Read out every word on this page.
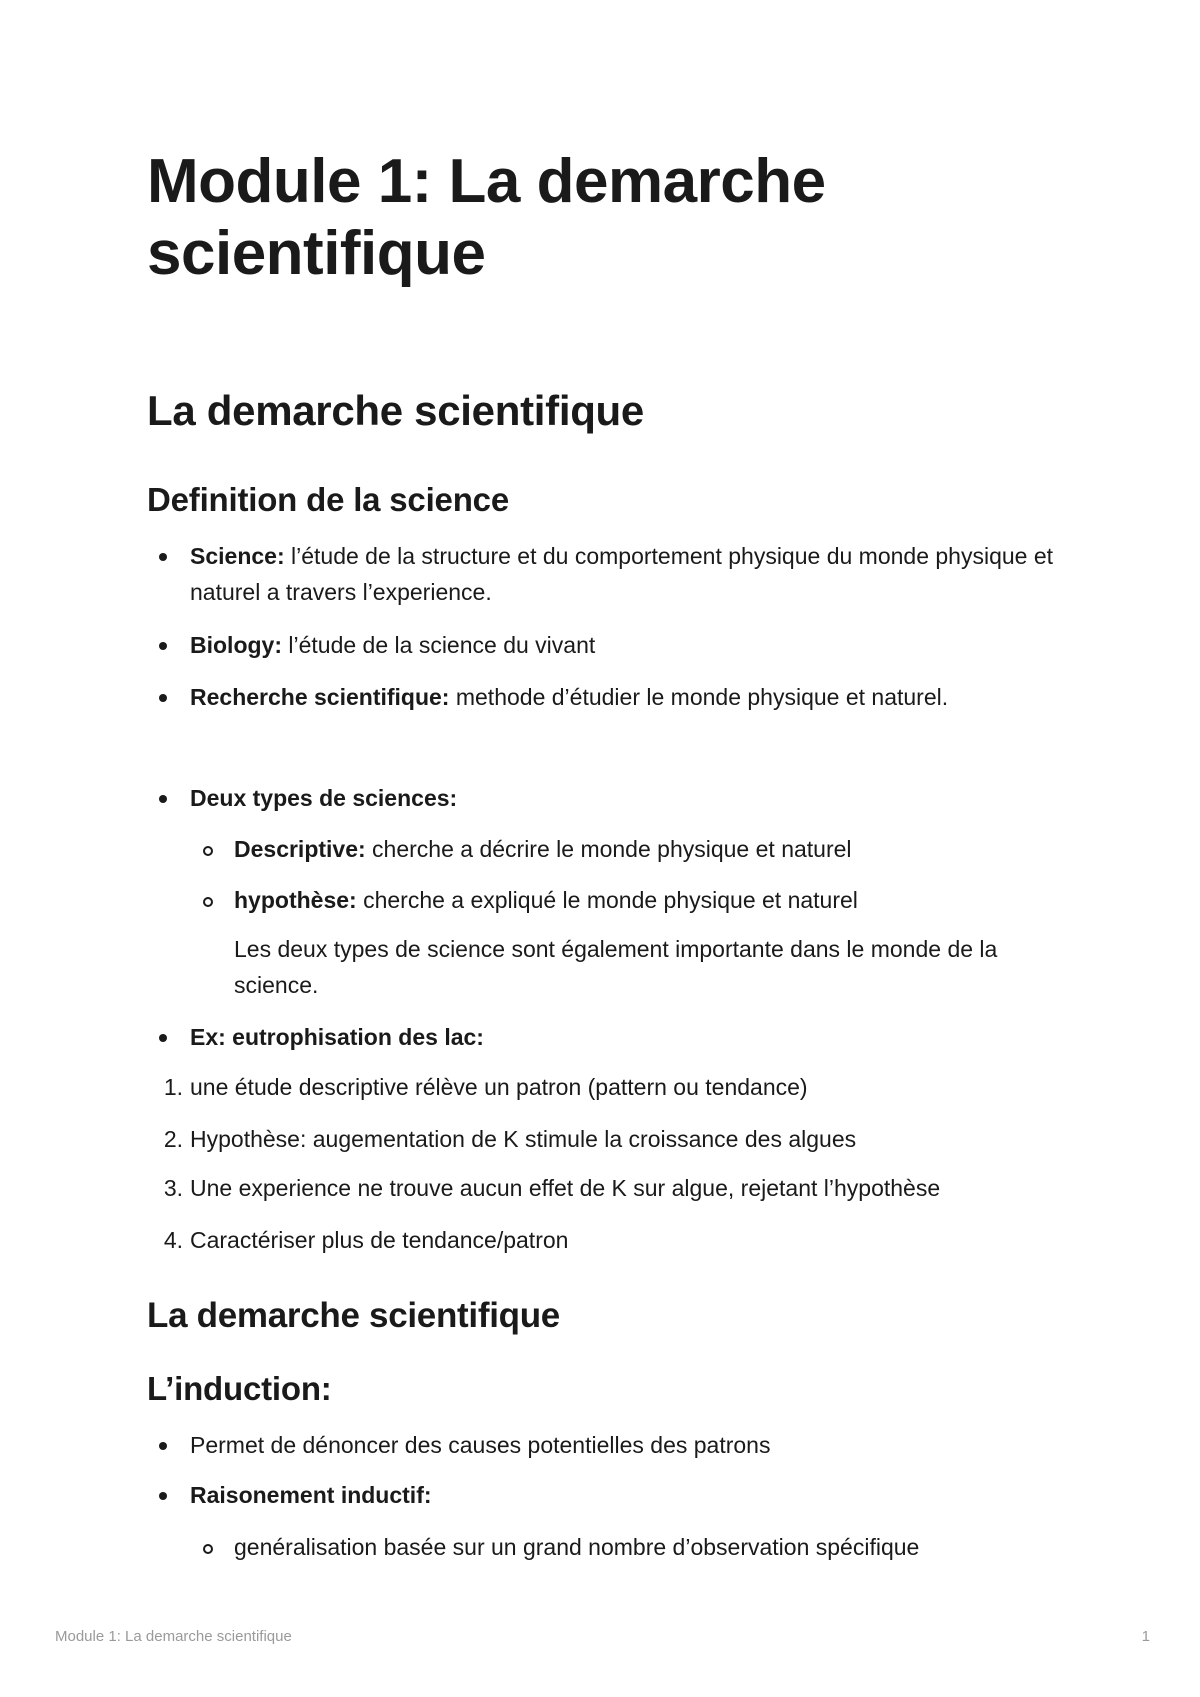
Module 1: La demarche scientifique
La demarche scientifique
Definition de la science
Science: l’étude de la structure et du comportement physique du monde physique et naturel a travers l’experience.
Biology: l’étude de la science du vivant
Recherche scientifique: methode d’étudier le monde physique et naturel.
Deux types de sciences:
Descriptive: cherche a décrire le monde physique et naturel
hypothèse: cherche a expliqué le monde physique et naturel
Les deux types de science sont également importante dans le monde de la science.
Ex: eutrophisation des lac:
1. une étude descriptive rélève un patron (pattern ou tendance)
2. Hypothèse: augementation de K stimule la croissance des algues
3. Une experience ne trouve aucun effet de K sur algue, rejetant l’hypothèse
4. Caractériser plus de tendance/patron
La demarche scientifique
L’induction:
Permet de dénoncer des causes potentielles des patrons
Raisonement inductif:
genéralisation basée sur un grand nombre d’observation spécifique
Module 1: La demarche scientifique	1
